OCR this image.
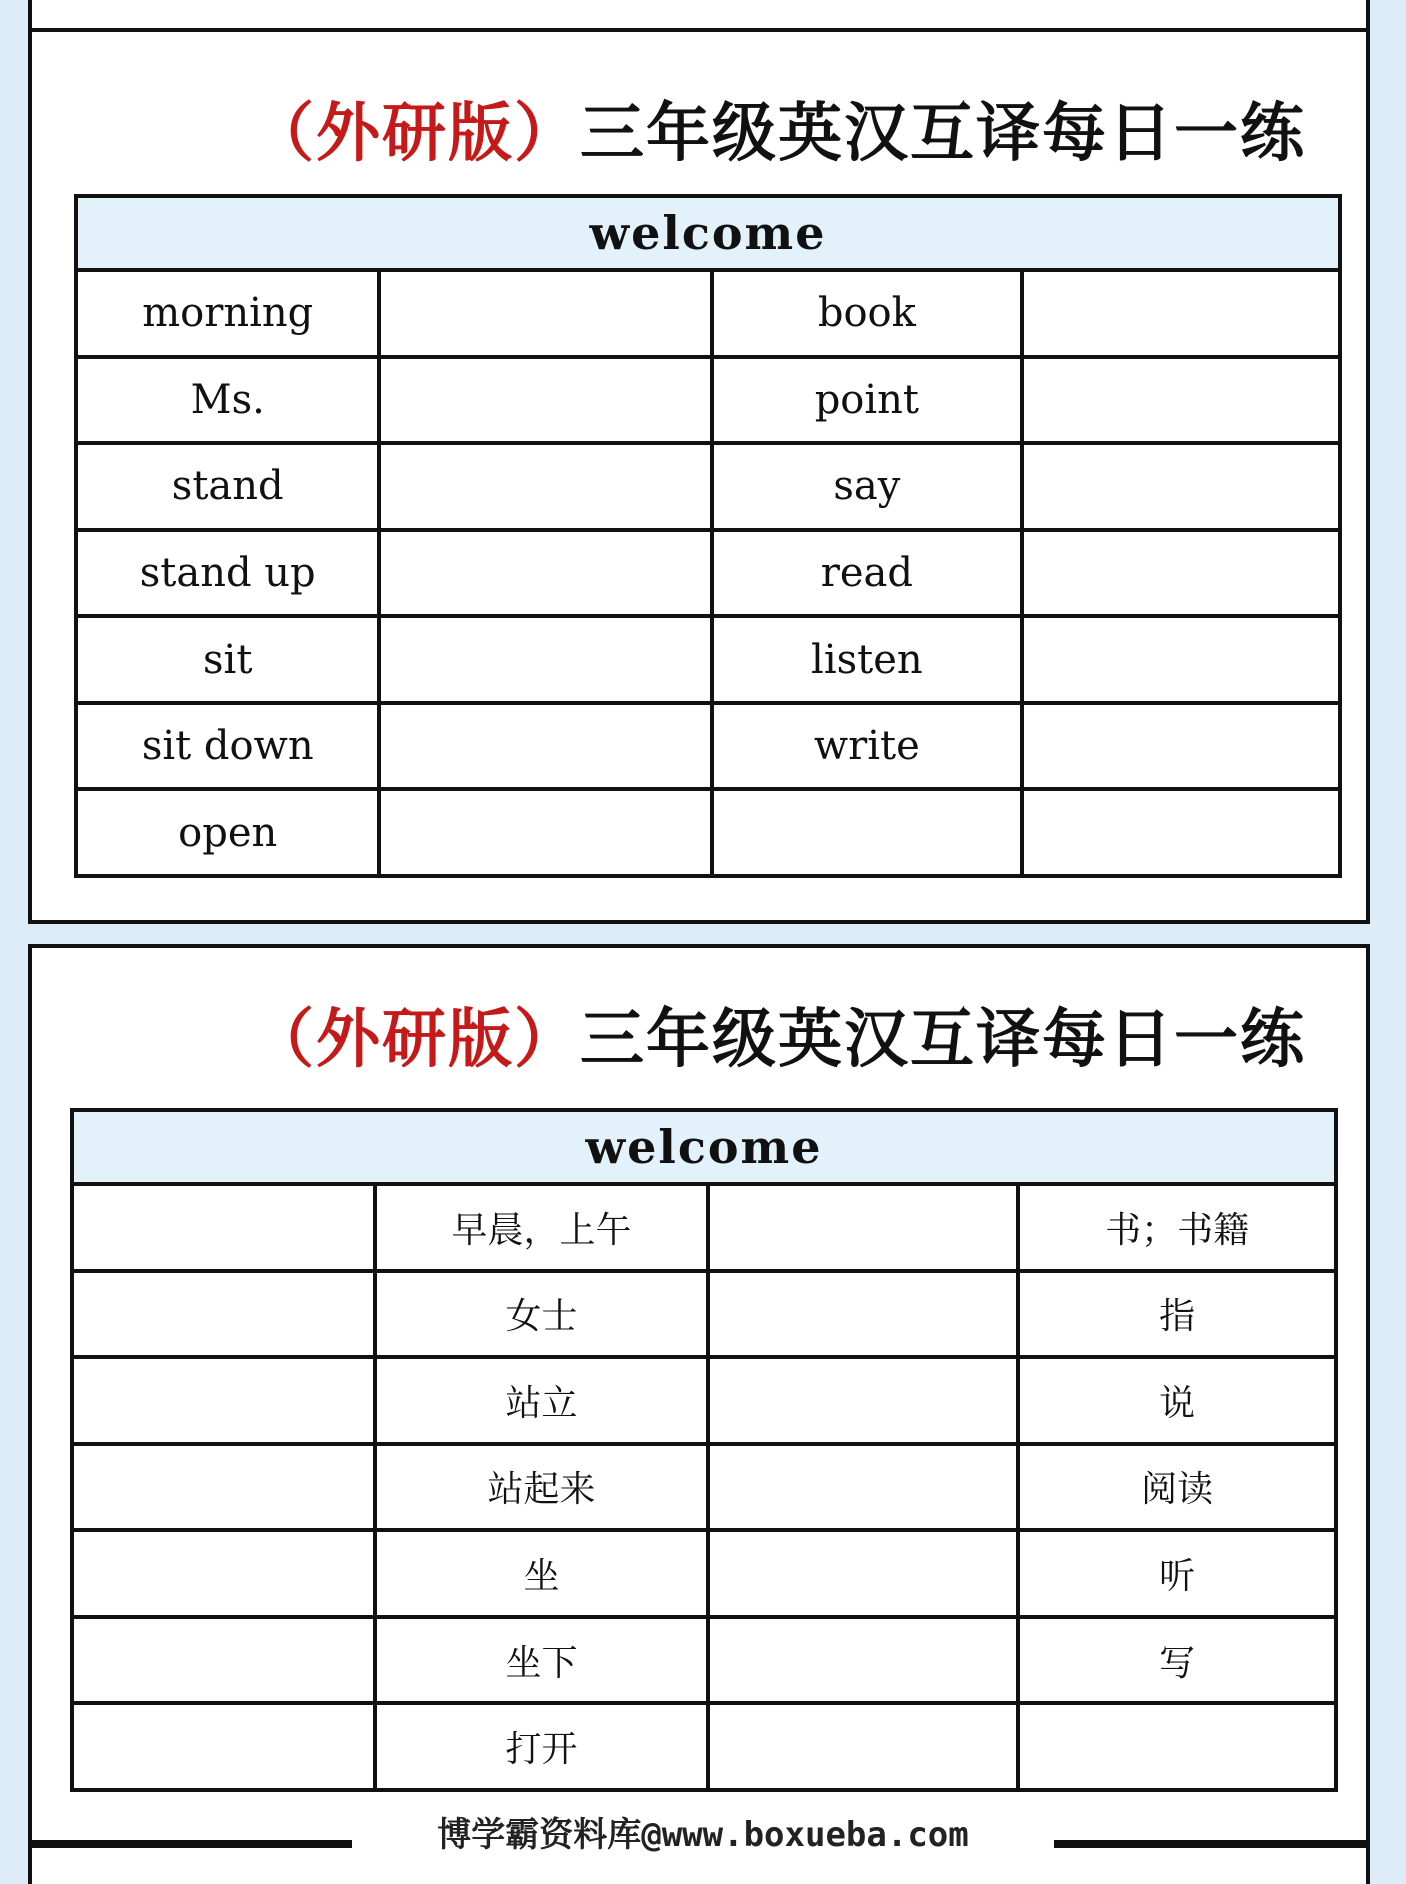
（外研版）三年级英汉互译每日一练
welcome			
morning		book	
Ms.		point	
stand		say	
stand up		read	
sit		listen	
sit down		write	
open			
（外研版）三年级英汉互译每日一练
welcome			
	早晨，上午		书；书籍
	女士		指
	站立		说
	站起来		阅读
	坐		听
	坐下		写
	打开		
博学霸资料库@www.boxueba.com
